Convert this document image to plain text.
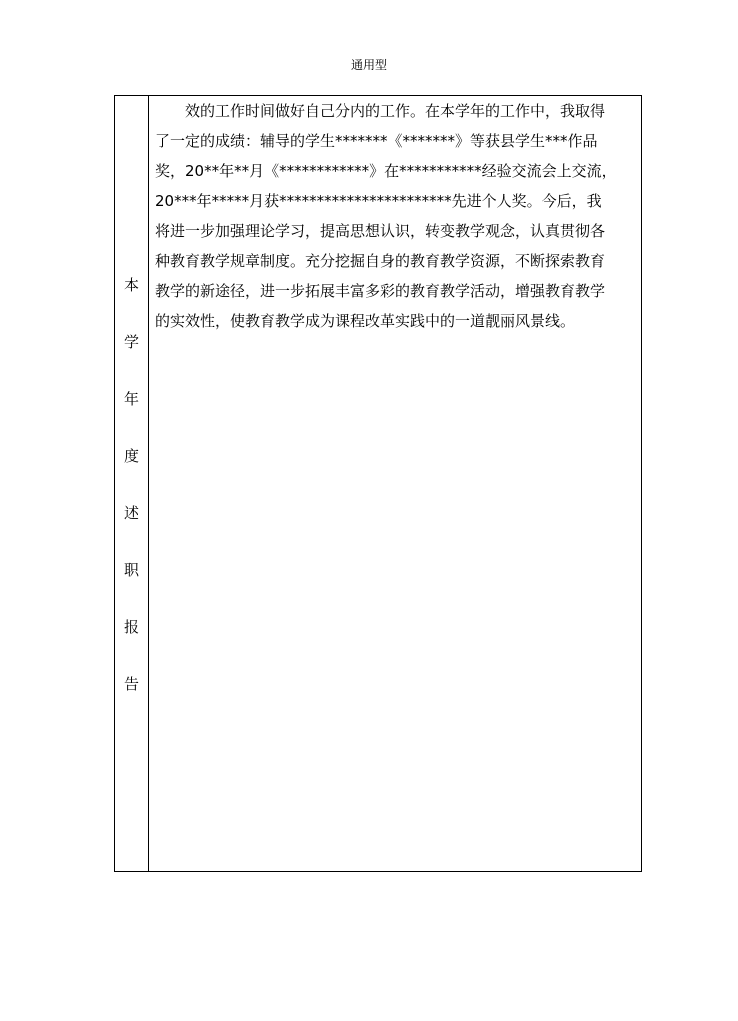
通用型
本
学
年
度
述
职
报
告
效的工作时间做好自己分内的工作。在本学年的工作中，我取得
了一定的成绩：辅导的学生*******《*******》等获县学生***作品
奖，20**年**月《************》在***********经验交流会上交流，
20***年*****月获***********************先进个人奖。今后，我
将进一步加强理论学习，提高思想认识，转变教学观念，认真贯彻各
种教育教学规章制度。充分挖掘自身的教育教学资源，不断探索教育
教学的新途径，进一步拓展丰富多彩的教育教学活动，增强教育教学
的实效性，使教育教学成为课程改革实践中的一道靓丽风景线。
